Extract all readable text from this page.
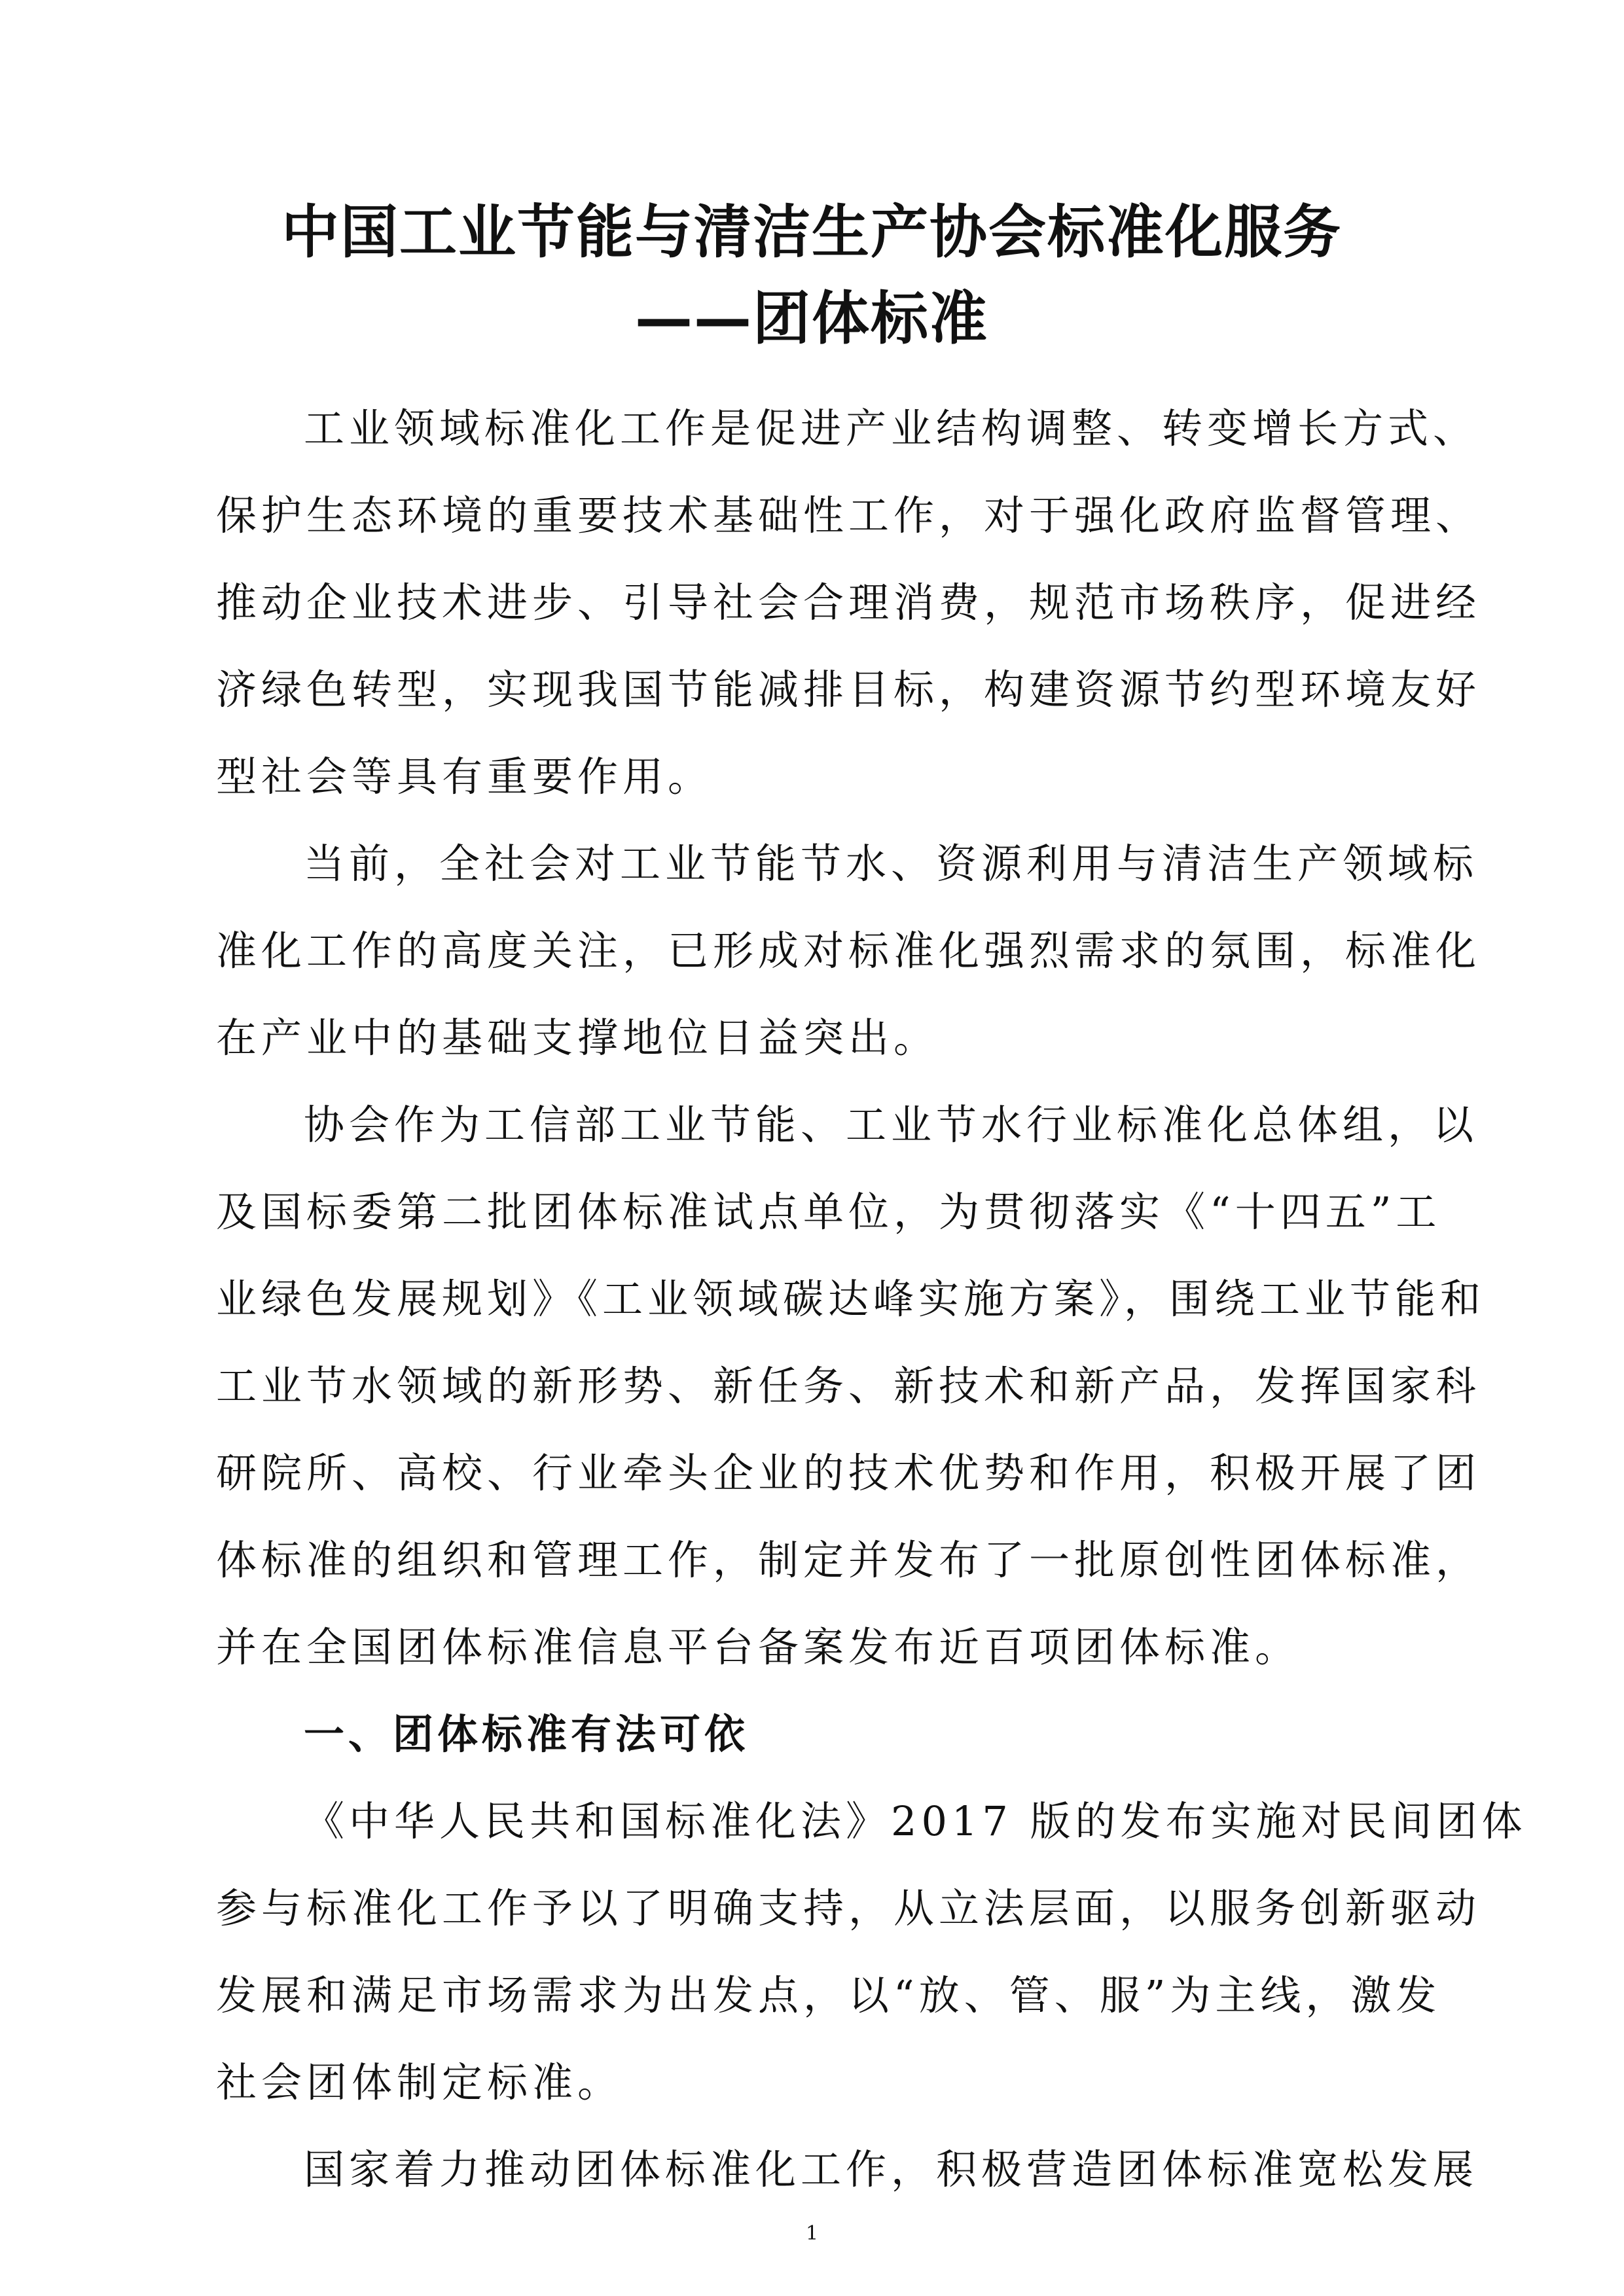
中国工业节能与清洁生产协会标准化服务
——团体标准
工业领域标准化工作是促进产业结构调整、转变增长方式、
保护生态环境的重要技术基础性工作，对于强化政府监督管理、
推动企业技术进步、引导社会合理消费，规范市场秩序，促进经
济绿色转型，实现我国节能减排目标，构建资源节约型环境友好
型社会等具有重要作用。
当前，全社会对工业节能节水、资源利用与清洁生产领域标
准化工作的高度关注，已形成对标准化强烈需求的氛围，标准化
在产业中的基础支撑地位日益突出。
协会作为工信部工业节能、工业节水行业标准化总体组，以
及国标委第二批团体标准试点单位，为贯彻落实《“十四五”工
业绿色发展规划》《工业领域碳达峰实施方案》，围绕工业节能和
工业节水领域的新形势、新任务、新技术和新产品，发挥国家科
研院所、高校、行业牵头企业的技术优势和作用，积极开展了团
体标准的组织和管理工作，制定并发布了一批原创性团体标准，
并在全国团体标准信息平台备案发布近百项团体标准。
一、团体标准有法可依
《中华人民共和国标准化法》2017 版的发布实施对民间团体
参与标准化工作予以了明确支持，从立法层面，以服务创新驱动
发展和满足市场需求为出发点，以“放、管、服”为主线，激发
社会团体制定标准。
国家着力推动团体标准化工作，积极营造团体标准宽松发展
1
